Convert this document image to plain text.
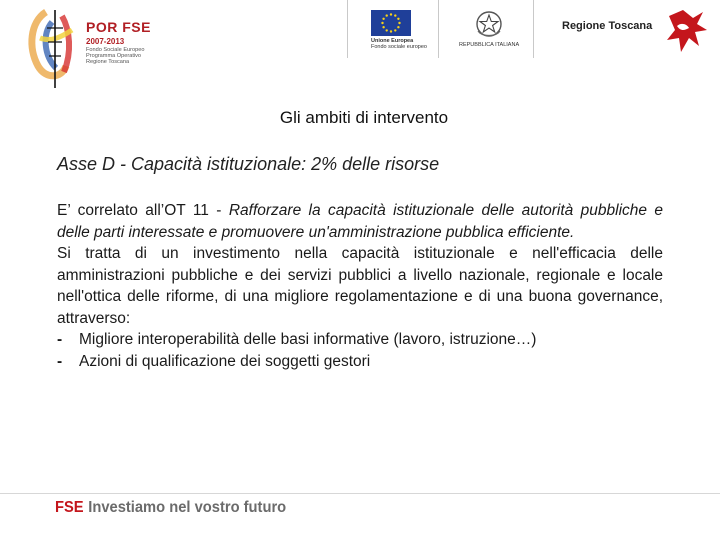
POR FSE
2007-2013
Fondo Sociale Europeo
Programma Operativo
Regione Toscana
Unione Europea
Fondo sociale europeo	REPUBBLICA ITALIANA
Regione Toscana
Gli ambiti di intervento
Asse D - Capacità istituzionale: 2% delle risorse

E’ correlato all’OT 11 - Rafforzare la capacità istituzionale delle autorità pubbliche e delle parti interessate e promuovere un'amministrazione pubblica efficiente.

Si tratta di un investimento nella capacità istituzionale e nell'efficacia delle amministrazioni pubbliche e dei servizi pubblici a livello nazionale, regionale e locale nell'ottica delle riforme, di una migliore regolamentazione e di una buona governance, attraverso:

- Migliore interoperabilità delle basi informative (lavoro, istruzione…)
- Azioni di qualificazione dei soggetti gestori
FSE Investiamo nel vostro futuro
